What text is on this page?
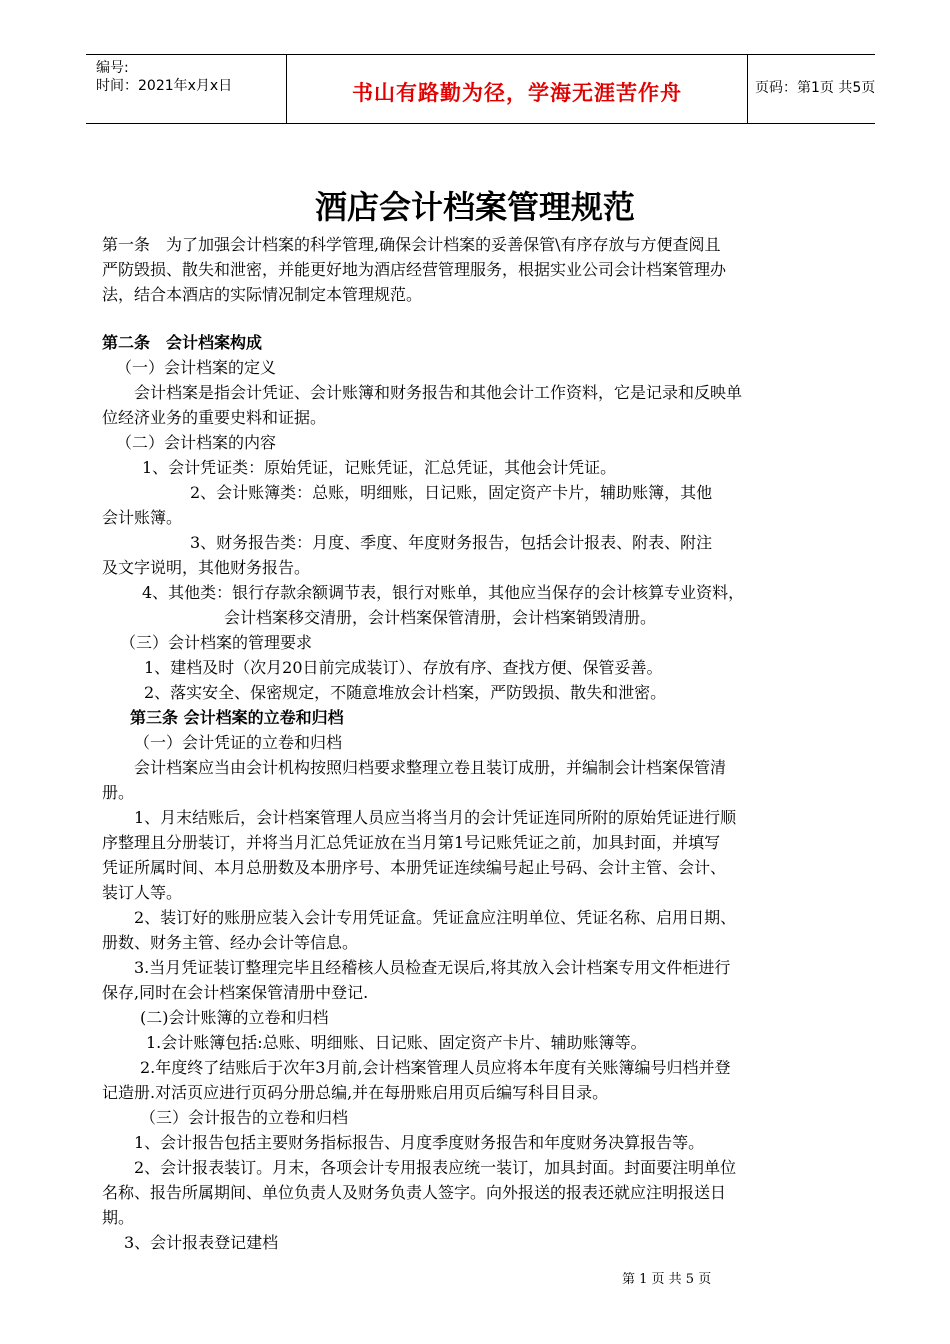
编号:
时间：2021年x月x日	书山有路勤为径，学海无涯苦作舟	页码：第1页 共5页
酒店会计档案管理规范
第一条　为了加强会计档案的科学管理,确保会计档案的妥善保管\有序存放与方便查阅且
严防毁损、散失和泄密，并能更好地为酒店经营管理服务，根据实业公司会计档案管理办
法，结合本酒店的实际情况制定本管理规范。
第二条　会计档案构成
（一）会计档案的定义
会计档案是指会计凭证、会计账簿和财务报告和其他会计工作资料，它是记录和反映单
位经济业务的重要史料和证据。
（二）会计档案的内容
1、会计凭证类：原始凭证，记账凭证，汇总凭证，其他会计凭证。
2、会计账簿类：总账，明细账，日记账，固定资产卡片，辅助账簿，其他
会计账簿。
3、财务报告类：月度、季度、年度财务报告，包括会计报表、附表、附注
说明，其他财务报告。
及文字
4、其他类：银行存款余额调节表，银行对账单，其他应当保存的会计核算专业资料，
会计档案移交清册，会计档案保管清册，会计档案销毁清册。
（三）会计档案的管理要求
1、建档及时（次月20日前完成装订）、存放有序、查找方便、保管妥善。
2、落实安全、保密规定，不随意堆放会计档案，严防毁损、散失和泄密。
第三条 会计档案的立卷和归档
（一）会计凭证的立卷和归档
会计档案应当由会计机构按照归档要求整理立卷且装订成册，并编制会计档案保管清
册。
1、月末结账后，会计档案管理人员应当将当月的会计凭证连同所附的原始凭证进行顺
序整理且分册装订，并将当月汇总凭证放在当月第1号记账凭证之前，加具封面，并填写
凭证所属时间、本月总册数及本册序号、本册凭证连续编号起止号码、会计主管、会计、
装订人等。
2、装订好的账册应装入会计专用凭证盒。凭证盒应注明单位、凭证名称、启用日期、
册数、财务主管、经办会计等信息。
3.当月凭证装订整理完毕且经稽核人员检查无误后,将其放入会计档案专用文件柜进行
保存,同时在会计档案保管清册中登记.
(二)会计账簿的立卷和归档
1.会计账簿包括:总账、明细账、日记账、固定资产卡片、辅助账簿等。
2.年度终了结账后于次年3月前,会计档案管理人员应将本年度有关账簿编号归档并登
记造册.对活页应进行页码分册总编,并在每册账启用页后编写科目目录。
（三）会计报告的立卷和归档
1、会计报告包括主要财务指标报告、月度季度财务报告和年度财务决算报告等。
2、会计报表装订。月末，各项会计专用报表应统一装订，加具封面。封面要注明单位
名称、报告所属期间、单位负责人及财务负责人签字。向外报送的报表还就应注明报送日
期。
3、会计报表登记建档
第 1 页 共 5 页
